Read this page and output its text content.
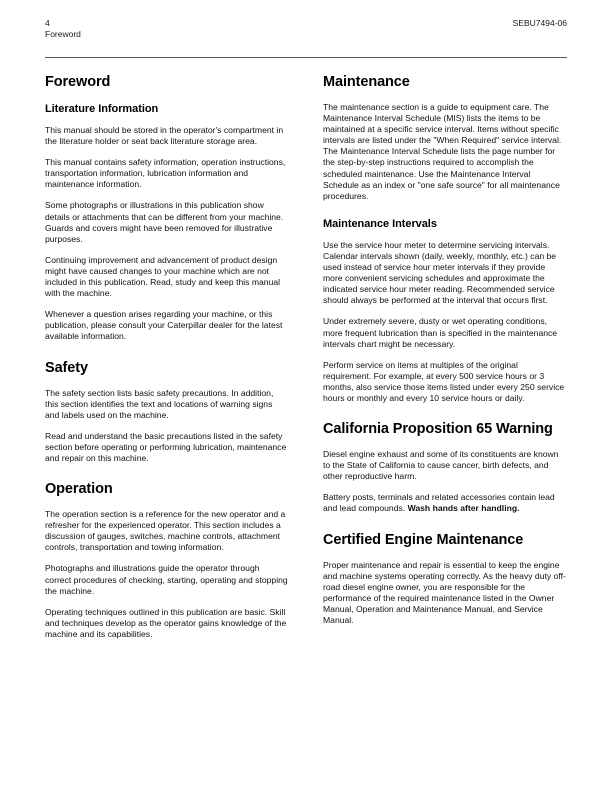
4
Foreword
SEBU7494-06
Foreword
Literature Information

This manual should be stored in the operator's compartment in the literature holder or seat back literature storage area.

This manual contains safety information, operation instructions, transportation information, lubrication information and maintenance information.

Some photographs or illustrations in this publication show details or attachments that can be different from your machine. Guards and covers might have been removed for illustrative purposes.

Continuing improvement and advancement of product design might have caused changes to your machine which are not included in this publication. Read, study and keep this manual with the machine.

Whenever a question arises regarding your machine, or this publication, please consult your Caterpillar dealer for the latest available information.

Safety

The safety section lists basic safety precautions. In addition, this section identifies the text and locations of warning signs and labels used on the machine.

Read and understand the basic precautions listed in the safety section before operating or performing lubrication, maintenance and repair on this machine.

Operation

The operation section is a reference for the new operator and a refresher for the experienced operator. This section includes a discussion of gauges, switches, machine controls, attachment controls, transportation and towing information.

Photographs and illustrations guide the operator through correct procedures of checking, starting, operating and stopping the machine.

Operating techniques outlined in this publication are basic. Skill and techniques develop as the operator gains knowledge of the machine and its capabilities.

Maintenance

The maintenance section is a guide to equipment care. The Maintenance Interval Schedule (MIS) lists the items to be maintained at a specific service interval. Items without specific intervals are listed under the "When Required" service interval. The Maintenance Interval Schedule lists the page number for the step-by-step instructions required to accomplish the scheduled maintenance. Use the Maintenance Interval Schedule as an index or "one safe source" for all maintenance procedures.

Maintenance Intervals

Use the service hour meter to determine servicing intervals. Calendar intervals shown (daily, weekly, monthly, etc.) can be used instead of service hour meter intervals if they provide more convenient servicing schedules and approximate the indicated service hour meter reading. Recommended service should always be performed at the interval that occurs first.

Under extremely severe, dusty or wet operating conditions, more frequent lubrication than is specified in the maintenance intervals chart might be necessary.

Perform service on items at multiples of the original requirement. For example, at every 500 service hours or 3 months, also service those items listed under every 250 service hours or monthly and every 10 service hours or daily.

California Proposition 65 Warning

Diesel engine exhaust and some of its constituents are known to the State of California to cause cancer, birth defects, and other reproductive harm.

Battery posts, terminals and related accessories contain lead and lead compounds. Wash hands after handling.

Certified Engine Maintenance

Proper maintenance and repair is essential to keep the engine and machine systems operating correctly. As the heavy duty off-road diesel engine owner, you are responsible for the performance of the required maintenance listed in the Owner Manual, Operation and Maintenance Manual, and Service Manual.
